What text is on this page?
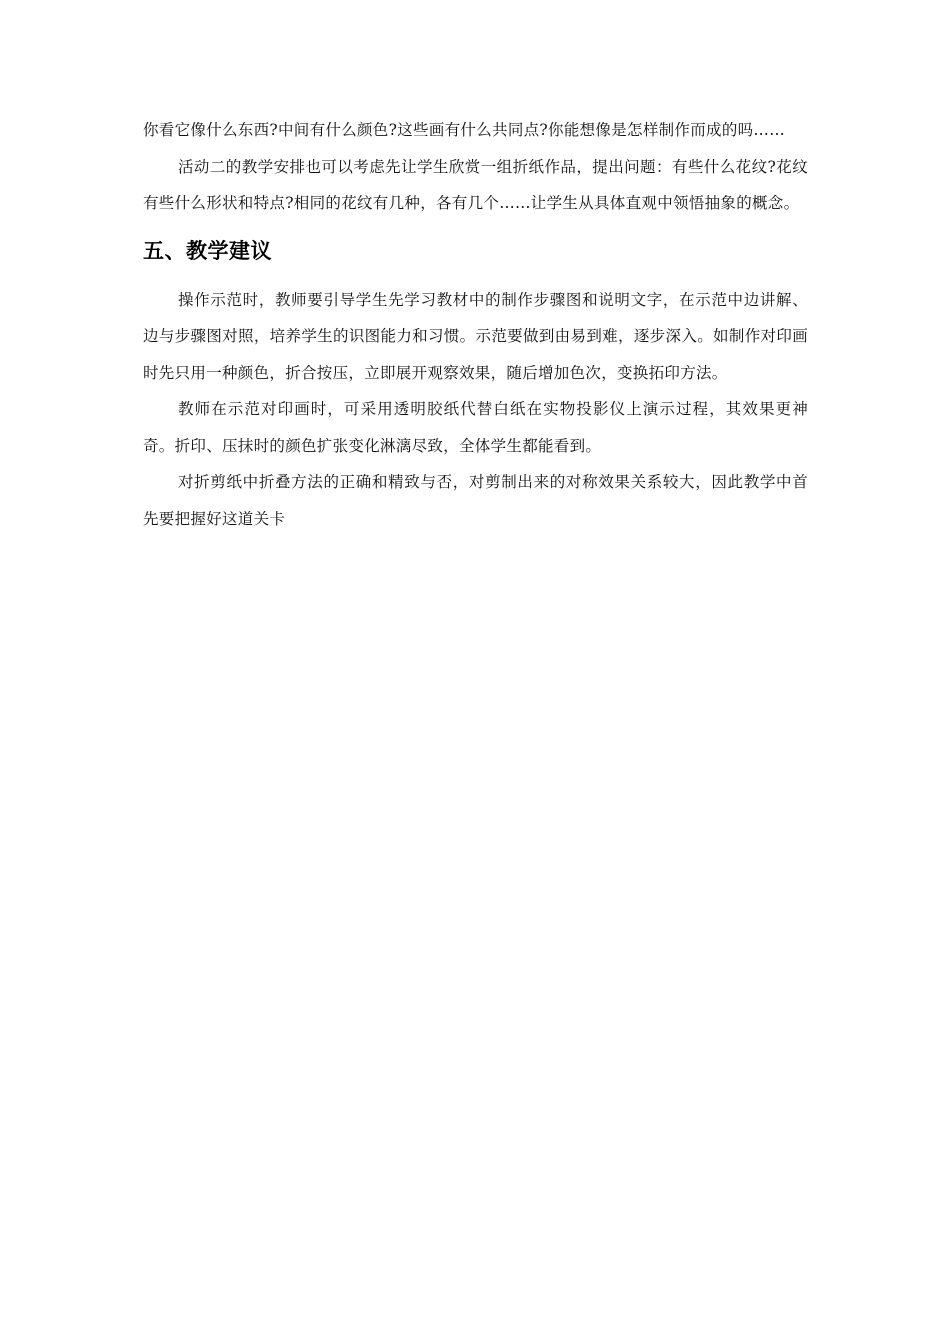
你看它像什么东西?中间有什么颜色?这些画有什么共同点?你能想像是怎样制作而成的吗……

活动二的教学安排也可以考虑先让学生欣赏一组折纸作品，提出问题：有些什么花纹?花纹有些什么形状和特点?相同的花纹有几种，各有几个……让学生从具体直观中领悟抽象的概念。

五、教学建议

操作示范时，教师要引导学生先学习教材中的制作步骤图和说明文字，在示范中边讲解、边与步骤图对照，培养学生的识图能力和习惯。示范要做到由易到难，逐步深入。如制作对印画时先只用一种颜色，折合按压，立即展开观察效果，随后增加色次，变换拓印方法。

教师在示范对印画时，可采用透明胶纸代替白纸在实物投影仪上演示过程，其效果更神奇。折印、压抹时的颜色扩张变化淋漓尽致，全体学生都能看到。

对折剪纸中折叠方法的正确和精致与否，对剪制出来的对称效果关系较大，因此教学中首先要把握好这道关卡
